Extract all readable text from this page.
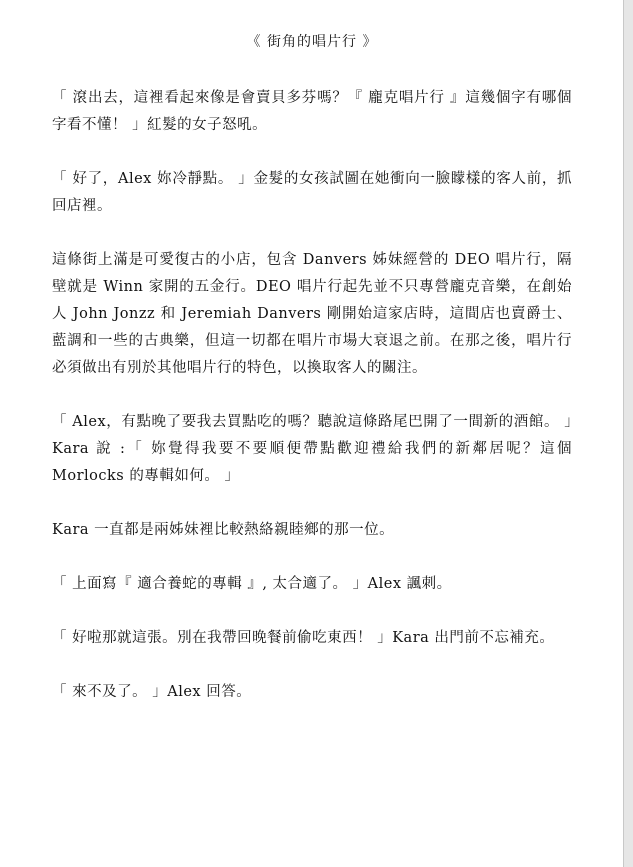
《 街角的唱片行 》

「 滾出去，這裡看起來像是會賣貝多芬嗎？『 龐克唱片行 』這幾個字有哪個字看不懂！ 」紅髮的女子怒吼。

「 好了，Alex 妳冷靜點。 」金髮的女孩試圖在她衝向一臉矇樣的客人前，抓回店裡。

這條街上滿是可愛復古的小店，包含 Danvers 姊妹經營的 DEO 唱片行，隔壁就是 Winn 家開的五金行。DEO 唱片行起先並不只專營龐克音樂，在創始人 John Jonzz 和 Jeremiah Danvers 剛開始這家店時，這間店也賣爵士、藍調和一些的古典樂，但這一切都在唱片市場大衰退之前。在那之後，唱片行必須做出有別於其他唱片行的特色，以換取客人的關注。

「 Alex，有點晚了要我去買點吃的嗎？聽說這條路尾巴開了一間新的酒館。 」Kara 說 :「 妳覺得我要不要順便帶點歡迎禮給我們的新鄰居呢？這個 Morlocks 的專輯如何。 」

Kara 一直都是兩姊妹裡比較熱絡親睦鄉的那一位。

「 上面寫『 適合養蛇的專輯 』, 太合適了。 」Alex 諷刺。

「 好啦那就這張。別在我帶回晚餐前偷吃東西！ 」Kara 出門前不忘補充。

「 來不及了。 」Alex 回答。
